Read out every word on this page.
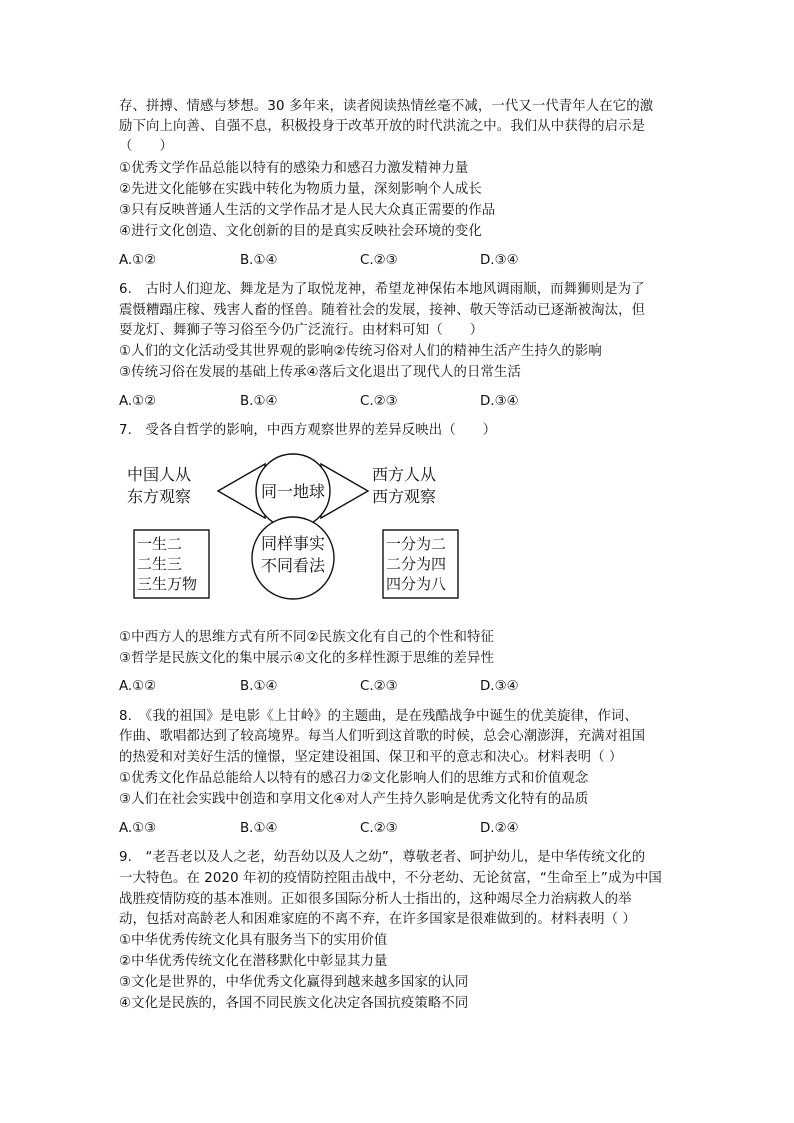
存、拼搏、情感与梦想。30 多年来，读者阅读热情丝毫不减，一代又一代青年人在它的激
励下向上向善、自强不息，积极投身于改革开放的时代洪流之中。我们从中获得的启示是
（　　）
①优秀文学作品总能以特有的感染力和感召力激发精神力量
②先进文化能够在实践中转化为物质力量，深刻影响个人成长
③只有反映普通人生活的文学作品才是人民大众真正需要的作品
④进行文化创造、文化创新的目的是真实反映社会环境的变化
A.①②	B.①④	C.②③	D.③④
6.　古时人们迎龙、舞龙是为了取悦龙神，希望龙神保佑本地风调雨顺，而舞狮则是为了
震慑糟蹋庄稼、残害人畜的怪兽。随着社会的发展，接神、敬天等活动已逐渐被淘汰，但
耍龙灯、舞狮子等习俗至今仍广泛流行。由材料可知（　　）
①人们的文化活动受其世界观的影响②传统习俗对人们的精神生活产生持久的影响
③传统习俗在发展的基础上传承④落后文化退出了现代人的日常生活
A.①②	B.①④	C.②③	D.③④
7.　受各自哲学的影响，中西方观察世界的差异反映出（　　）
中国人从
东方观察
西方人从
西方观察
同一地球
同样事实
不同看法
一生二
二生三
三生万物
一分为二
二分为四
四分为八
①中西方人的思维方式有所不同②民族文化有自己的个性和特征
③哲学是民族文化的集中展示④文化的多样性源于思维的差异性
A.①②	B.①④	C.②③	D.③④
8.　《我的祖国》是电影《上甘岭》的主题曲，是在残酷战争中诞生的优美旋律，作词、
作曲、歌唱都达到了较高境界。每当人们听到这首歌的时候，总会心潮澎湃，充满对祖国
的热爱和对美好生活的憧憬，坚定建设祖国、保卫和平的意志和决心。材料表明（ ）
①优秀文化作品总能给人以特有的感召力②文化影响人们的思维方式和价值观念
③人们在社会实践中创造和享用文化④对人产生持久影响是优秀文化特有的品质
A.①③	B.①④	C.②③	D.②④
9.　“老吾老以及人之老，幼吾幼以及人之幼”，尊敬老者、呵护幼儿，是中华传统文化的
一大特色。在 2020 年初的疫情防控阻击战中，不分老幼、无论贫富，“生命至上”成为中国
战胜疫情防疫的基本准则。正如很多国际分析人士指出的，这种竭尽全力治病救人的举
动，包括对高龄老人和困难家庭的不离不弃，在许多国家是很难做到的。材料表明（ ）
①中华优秀传统文化具有服务当下的实用价值
②中华优秀传统文化在潜移默化中彰显其力量
③文化是世界的，中华优秀文化赢得到越来越多国家的认同
④文化是民族的，各国不同民族文化决定各国抗疫策略不同
